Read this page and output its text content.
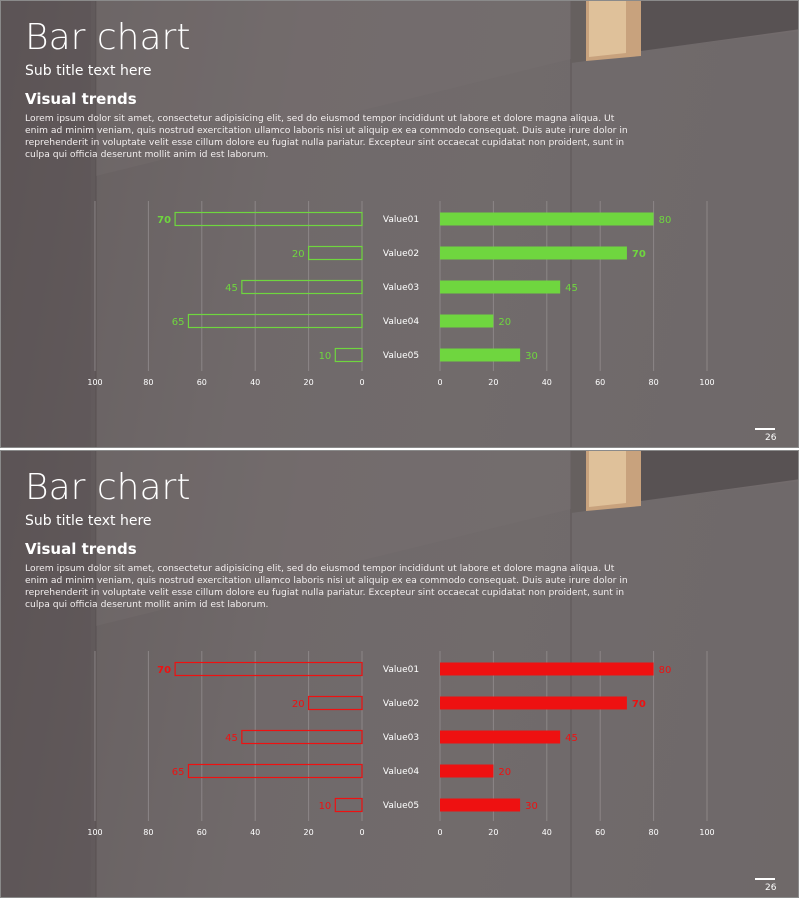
Bar chart
Sub title text here
Visual trends
Lorem ipsum dolor sit amet, consectetur adipisicing elit, sed do eiusmod tempor incididunt ut labore et dolore magna aliqua. Ut enim ad minim veniam, quis nostrud exercitation ullamco laboris nisi ut aliquip ex ea commodo consequat. Duis aute irure dolor in reprehenderit in voluptate velit esse cillum dolore eu fugiat nulla pariatur. Excepteur sint occaecat cupidatat non proident, sunt in culpa qui officia deserunt mollit anim id est laborum.
100	80	60	40	20	0	0	20	40	60	80	100
70	Value01	80
20	Value02	70
45	Value03	45
65	Value04	20
10	Value05	30
26
Bar chart
Sub title text here
Visual trends
Lorem ipsum dolor sit amet, consectetur adipisicing elit, sed do eiusmod tempor incididunt ut labore et dolore magna aliqua. Ut enim ad minim veniam, quis nostrud exercitation ullamco laboris nisi ut aliquip ex ea commodo consequat. Duis aute irure dolor in reprehenderit in voluptate velit esse cillum dolore eu fugiat nulla pariatur. Excepteur sint occaecat cupidatat non proident, sunt in culpa qui officia deserunt mollit anim id est laborum.
100	80	60	40	20	0	0	20	40	60	80	100
70	Value01	80
20	Value02	70
45	Value03	45
65	Value04	20
10	Value05	30
26
